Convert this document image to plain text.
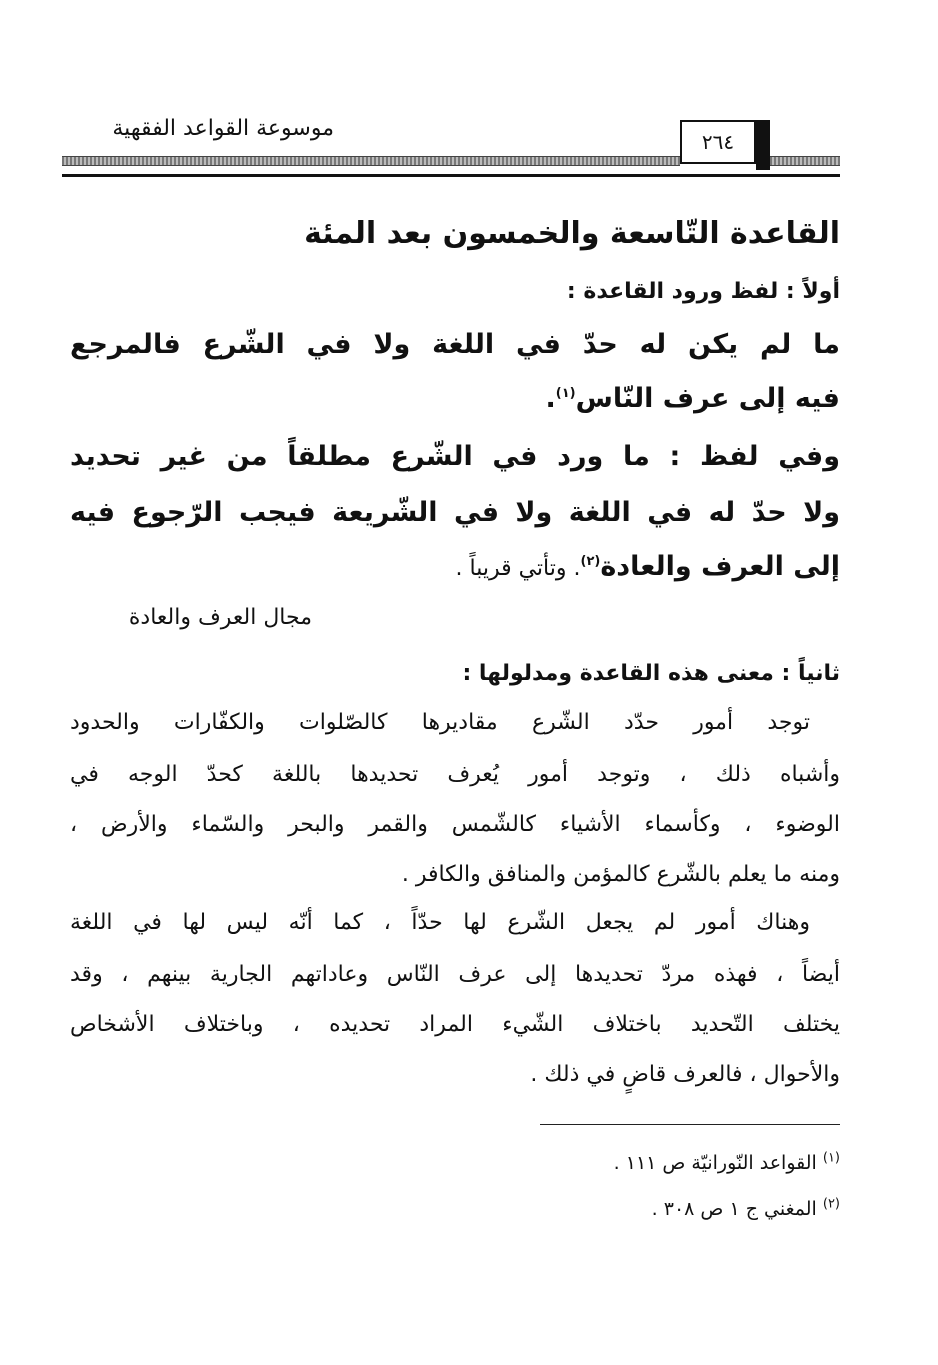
موسوعة القواعد الفقهية
٢٦٤
القاعدة التّاسعة والخمسون بعد المئة
أولاً : لفظ ورود القاعدة :
ما لم يكن له حدّ في اللغة ولا في الشّرع فالمرجع
فيه إلى عرف النّاس$^{(١)}$.
وفي لفظ : ما ورد في الشّرع مطلقاً من غير تحديد
ولا حدّ له في اللغة ولا في الشّريعة فيجب الرّجوع فيه
إلى العرف والعادة$^{(٢)}$. وتأتي قريباً .
مجال العرف والعادة
ثانياً : معنى هذه القاعدة ومدلولها :
توجد أمور حدّد الشّرع مقاديرها كالصّلوات والكفّارات والحدود
وأشباه ذلك ، وتوجد أمور يُعرف تحديدها باللغة كحدّ الوجه في
الوضوء ، وكأسماء الأشياء كالشّمس والقمر والبحر والسّماء والأرض ،
ومنه ما يعلم بالشّرع كالمؤمن والمنافق والكافر .
وهناك أمور لم يجعل الشّرع لها حدّاً ، كما أنّه ليس لها في اللغة
أيضاً ، فهذه مردّ تحديدها إلى عرف النّاس وعاداتهم الجارية بينهم ، وقد
يختلف التّحديد باختلاف الشّيء المراد تحديده ، وباختلاف الأشخاص
والأحوال ، فالعرف قاضٍ في ذلك .
$^{(١)}$ القواعد النّورانيّة ص ١١١ .
$^{(٢)}$ المغني ج ١ ص ٣٠٨ .
